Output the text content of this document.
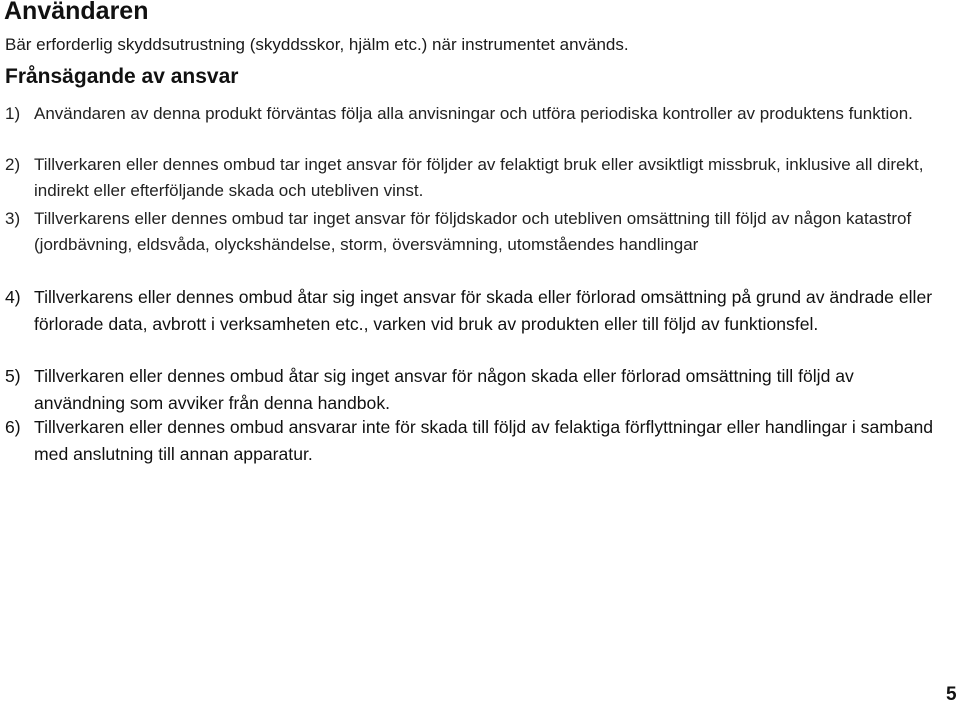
Användaren
Bär erforderlig skyddsutrustning (skyddsskor, hjälm etc.) när instrumentet används.
Frånsägande av ansvar
1) Användaren av denna produkt förväntas följa alla anvisningar och utföra periodiska kontroller av produktens funktion.
2) Tillverkaren eller dennes ombud tar inget ansvar för följder av felaktigt bruk eller avsiktligt missbruk, inklusive all direkt, indirekt eller efterföljande skada och utebliven vinst.
3) Tillverkarens eller dennes ombud tar inget ansvar för följdskador och utebliven omsättning till följd av någon katastrof (jordbävning, eldsvåda, olyckshändelse, storm, översvämning, utomståendes handlingar
4) Tillverkarens eller dennes ombud åtar sig inget ansvar för skada eller förlorad omsättning på grund av ändrade eller förlorade data, avbrott i verksamheten etc., varken vid bruk av produkten eller till följd av funktionsfel.
5) Tillverkaren eller dennes ombud åtar sig inget ansvar för någon skada eller förlorad omsättning till följd av användning som avviker från denna handbok.
6) Tillverkaren eller dennes ombud ansvarar inte för skada till följd av felaktiga förflyttningar eller handlingar i samband med anslutning till annan apparatur.
5
